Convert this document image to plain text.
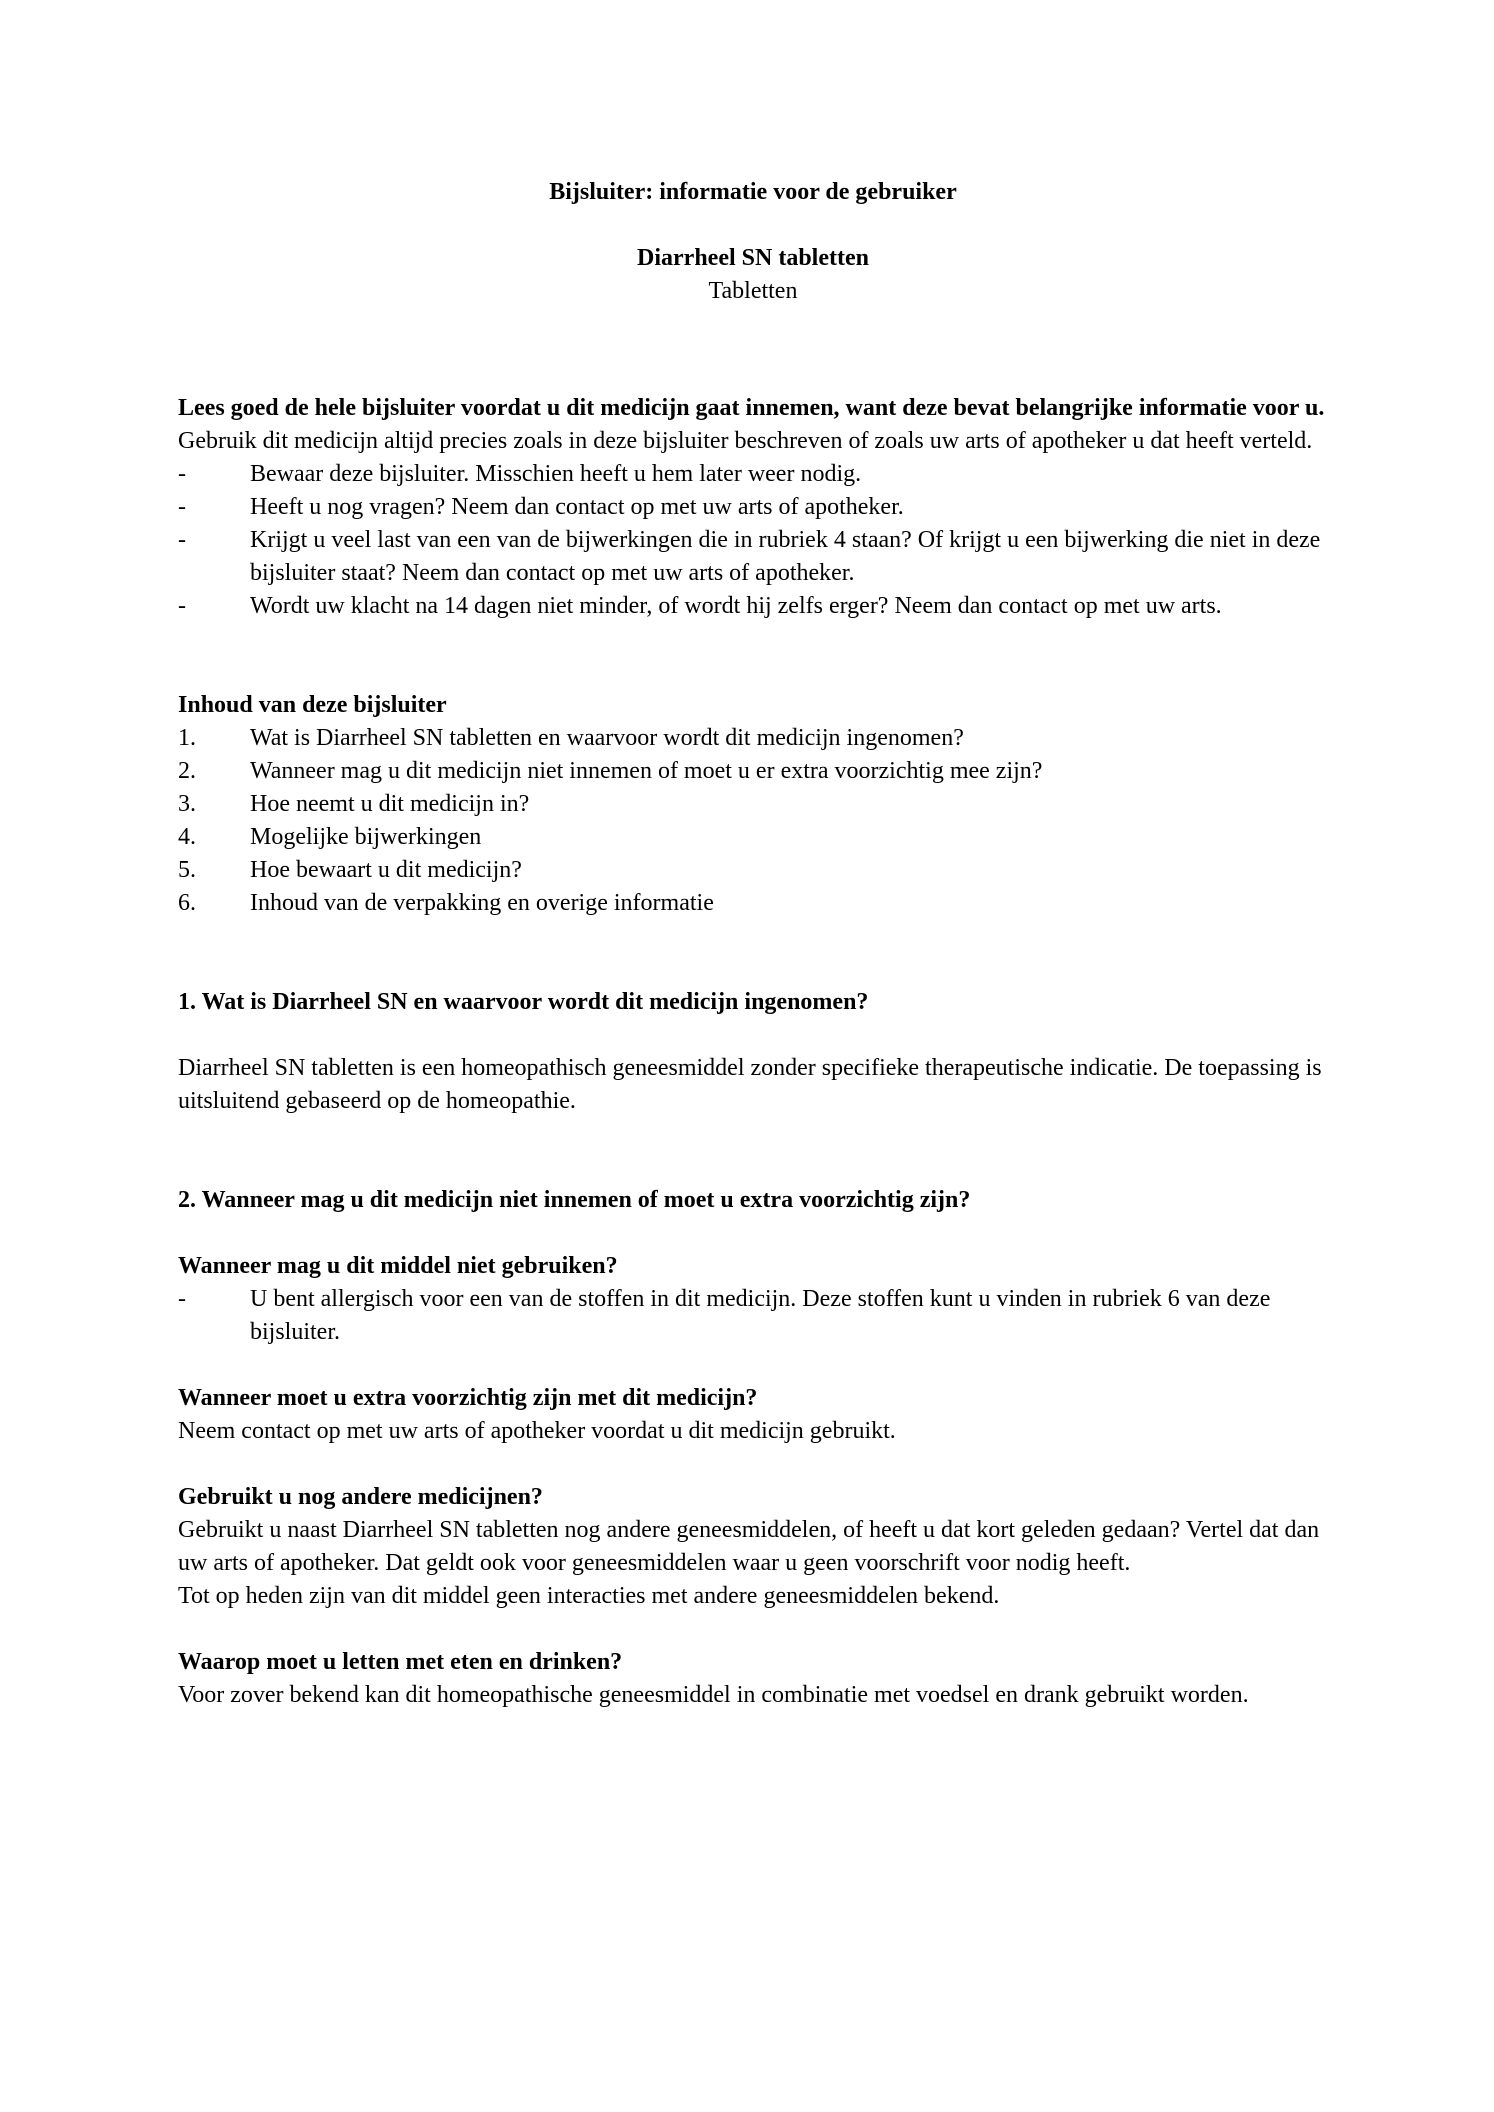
Bijsluiter: informatie voor de gebruiker

Diarrheel SN tabletten

Tabletten

Lees goed de hele bijsluiter voordat u dit medicijn gaat innemen, want deze bevat belangrijke informatie voor u.

Gebruik dit medicijn altijd precies zoals in deze bijsluiter beschreven of zoals uw arts of apotheker u dat heeft verteld.

-	Bewaar deze bijsluiter. Misschien heeft u hem later weer nodig.
-	Heeft u nog vragen? Neem dan contact op met uw arts of apotheker.
-	Krijgt u veel last van een van de bijwerkingen die in rubriek 4 staan? Of krijgt u een bijwerking die niet in deze bijsluiter staat? Neem dan contact op met uw arts of apotheker.
-	Wordt uw klacht na 14 dagen niet minder, of wordt hij zelfs erger? Neem dan contact op met uw arts.

Inhoud van deze bijsluiter

1.	Wat is Diarrheel SN tabletten en waarvoor wordt dit medicijn ingenomen?
2.	Wanneer mag u dit medicijn niet innemen of moet u er extra voorzichtig mee zijn?
3.	Hoe neemt u dit medicijn in?
4.	Mogelijke bijwerkingen
5.	Hoe bewaart u dit medicijn?
6.	Inhoud van de verpakking en overige informatie

1. Wat is Diarrheel SN en waarvoor wordt dit medicijn ingenomen?

Diarrheel SN tabletten is een homeopathisch geneesmiddel zonder specifieke therapeutische indicatie. De toepassing is uitsluitend gebaseerd op de homeopathie.

2. Wanneer mag u dit medicijn niet innemen of moet u extra voorzichtig zijn?

Wanneer mag u dit middel niet gebruiken?

-	U bent allergisch voor een van de stoffen in dit medicijn. Deze stoffen kunt u vinden in rubriek 6 van deze bijsluiter.

Wanneer moet u extra voorzichtig zijn met dit medicijn?

Neem contact op met uw arts of apotheker voordat u dit medicijn gebruikt.

Gebruikt u nog andere medicijnen?

Gebruikt u naast Diarrheel SN tabletten nog andere geneesmiddelen, of heeft u dat kort geleden gedaan? Vertel dat dan uw arts of apotheker. Dat geldt ook voor geneesmiddelen waar u geen voorschrift voor nodig heeft.

Tot op heden zijn van dit middel geen interacties met andere geneesmiddelen bekend.

Waarop moet u letten met eten en drinken?

Voor zover bekend kan dit homeopathische geneesmiddel in combinatie met voedsel en drank gebruikt worden.
